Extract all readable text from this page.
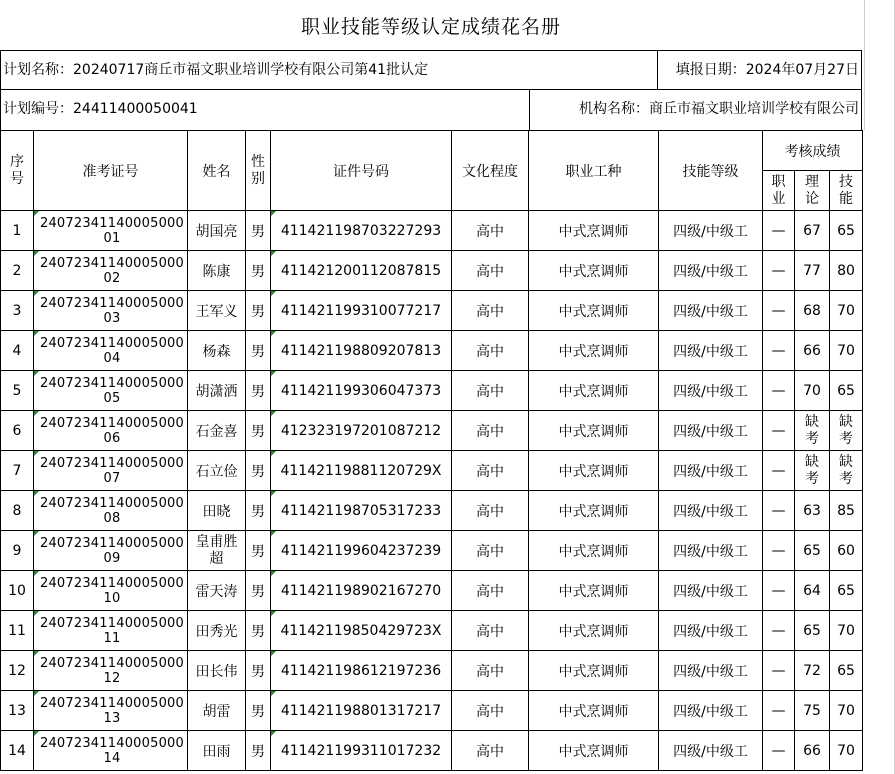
职业技能等级认定成绩花名册
计划名称：20240717商丘市福文职业培训学校有限公司第41批认定	填报日期：2024年07月27日
计划编号：24411400050041	机构名称：商丘市福文职业培训学校有限公司
序号	准考证号	姓名	性别	证件号码	文化程度	职业工种	技能等级	考核成绩		
								职业	理论	技能
1	2407234114000500001	胡国亮	男	411421198703227293	高中	中式烹调师	四级/中级工	—	67	65
2	2407234114000500002	陈康	男	411421200112087815	高中	中式烹调师	四级/中级工	—	77	80
3	2407234114000500003	王军义	男	411421199310077217	高中	中式烹调师	四级/中级工	—	68	70
4	2407234114000500004	杨森	男	411421198809207813	高中	中式烹调师	四级/中级工	—	66	70
5	2407234114000500005	胡潇洒	男	411421199306047373	高中	中式烹调师	四级/中级工	—	70	65
6	2407234114000500006	石金喜	男	412323197201087212	高中	中式烹调师	四级/中级工	—	缺考	缺考
7	2407234114000500007	石立俭	男	41142119881120729X	高中	中式烹调师	四级/中级工	—	缺考	缺考
8	2407234114000500008	田晓	男	411421198705317233	高中	中式烹调师	四级/中级工	—	63	85
9	2407234114000500009	皇甫胜超	男	411421199604237239	高中	中式烹调师	四级/中级工	—	65	60
10	2407234114000500010	雷天涛	男	411421198902167270	高中	中式烹调师	四级/中级工	—	64	65
11	2407234114000500011	田秀光	男	41142119850429723X	高中	中式烹调师	四级/中级工	—	65	70
12	2407234114000500012	田长伟	男	411421198612197236	高中	中式烹调师	四级/中级工	—	72	65
13	2407234114000500013	胡雷	男	411421198801317217	高中	中式烹调师	四级/中级工	—	75	70
14	2407234114000500014	田雨	男	411421199311017232	高中	中式烹调师	四级/中级工	—	66	70
